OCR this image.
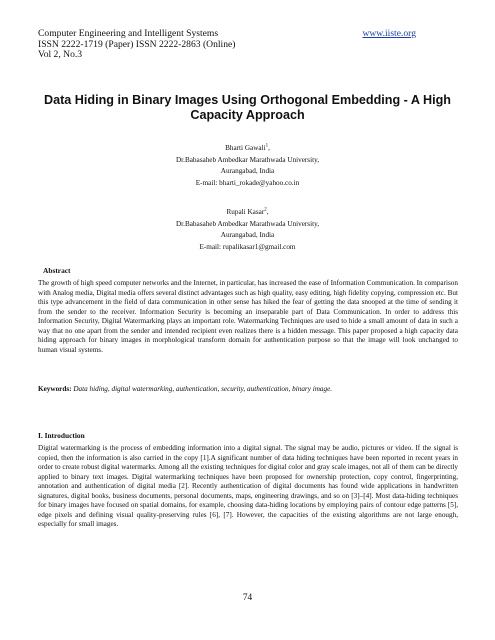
Computer Engineering and Intelligent Systems
ISSN 2222-1719 (Paper) ISSN 2222-2863 (Online)
Vol 2, No.3
www.iiste.org
Data Hiding in Binary Images Using Orthogonal Embedding - A High Capacity Approach
Bharti Gawali$^1$,
Dr.Babasaheb Ambedkar Marathwada University,
Aurangabad, India
E-mail: bharti_rokade@yahoo.co.in
Rupali Kasar$^2$,
Dr.Babasaheb Ambedkar Marathwada University,
Aurangabad, India
E-mail: rupalikasar1@gmail.com
Abstract
The growth of high speed computer networks and the Internet, in particular, has increased the ease of Information Communication. In comparison with Analog media, Digital media offers several distinct advantages such as high quality, easy editing, high fidelity copying, compression etc. But this type advancement in the field of data communication in other sense has hiked the fear of getting the data snooped at the time of sending it from the sender to the receiver. Information Security is becoming an inseparable part of Data Communication. In order to address this Information Security, Digital Watermarking plays an important role. Watermarking Techniques are used to hide a small amount of data in such a way that no one apart from the sender and intended recipient even realizes there is a hidden message. This paper proposed a high capacity data hiding approach for binary images in morphological transform domain for authentication purpose so that the image will look unchanged to human visual systems.
Keywords: Data hiding, digital watermarking, authentication, security, authentication, binary image.
I. Introduction
Digital watermarking is the process of embedding information into a digital signal. The signal may be audio, pictures or video. If the signal is copied, then the information is also carried in the copy [1].A significant number of data hiding techniques have been reported in recent years in order to create robust digital watermarks. Among all the existing techniques for digital color and gray scale images, not all of them can be directly applied to binary text images. Digital watermarking techniques have been proposed for ownership protection, copy control, fingerprinting, annotation and authentication of digital media [2]. Recently authentication of digital documents has found wide applications in handwritten signatures, digital books, business documents, personal documents, maps, engineering drawings, and so on [3]–[4]. Most data-hiding techniques for binary images have focused on spatial domains, for example, choosing data-hiding locations by employing pairs of contour edge patterns [5], edge pixels and defining visual quality-preserving rules [6], [7]. However, the capacities of the existing algorithms are not large enough, especially for small images.
74
